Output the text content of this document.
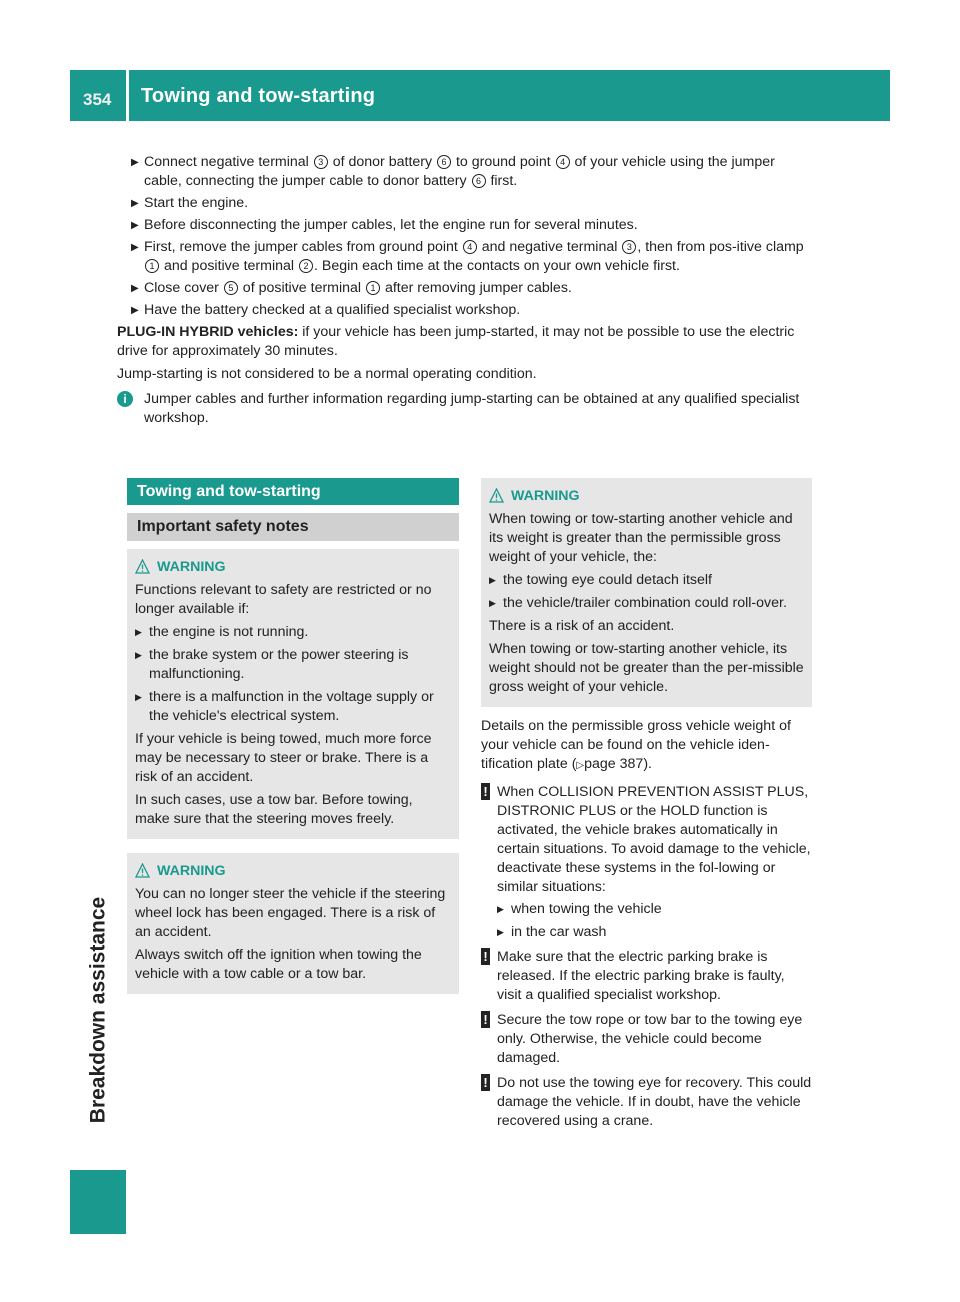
354 Towing and tow-starting
Breakdown assistance
▶ Connect negative terminal 3 of donor battery 6 to ground point 4 of your vehicle using the jumper cable, connecting the jumper cable to donor battery 6 first.
▶ Start the engine.
▶ Before disconnecting the jumper cables, let the engine run for several minutes.
▶ First, remove the jumper cables from ground point 4 and negative terminal 3 , then from pos-itive clamp 1 and positive terminal 2 . Begin each time at the contacts on your own vehicle first.
▶ Close cover 5 of positive terminal 1 after removing jumper cables.
▶ Have the battery checked at a qualified specialist workshop.
PLUG-IN HYBRID vehicles: if your vehicle has been jump-started, it may not be possible to use the electric drive for approximately 30 minutes.
Jump-starting is not considered to be a normal operating condition.
i	Jumper cables and further information regarding jump-starting can be obtained at any qualified specialist workshop.
Towing and tow-starting
Important safety notes
WARNING

Functions relevant to safety are restricted or no longer available if:

▶ the engine is not running.
▶ the brake system or the power steering is malfunctioning.
▶ there is a malfunction in the voltage supply or the vehicle's electrical system.

If your vehicle is being towed, much more force may be necessary to steer or brake. There is a risk of an accident.

In such cases, use a tow bar. Before towing, make sure that the steering moves freely.

WARNING

You can no longer steer the vehicle if the steering wheel lock has been engaged. There is a risk of an accident.

Always switch off the ignition when towing the vehicle with a tow cable or a tow bar.

WARNING

When towing or tow-starting another vehicle and its weight is greater than the permissible gross weight of your vehicle, the:

▶ the towing eye could detach itself
▶ the vehicle/trailer combination could roll-over.

There is a risk of an accident.

When towing or tow-starting another vehicle, its weight should not be greater than the per-missible gross weight of your vehicle.

Details on the permissible gross vehicle weight of your vehicle can be found on the vehicle iden-tification plate (▷page 387).
! When COLLISION PREVENTION ASSIST PLUS, DISTRONIC PLUS or the HOLD function is activated, the vehicle brakes automatically in certain situations. To avoid damage to the vehicle, deactivate these systems in the fol-lowing or similar situations:
▶ when towing the vehicle
▶ in the car wash
! Make sure that the electric parking brake is released. If the electric parking brake is faulty, visit a qualified specialist workshop.
! Secure the tow rope or tow bar to the towing eye only. Otherwise, the vehicle could become damaged.
! Do not use the towing eye for recovery. This could damage the vehicle. If in doubt, have the vehicle recovered using a crane.
